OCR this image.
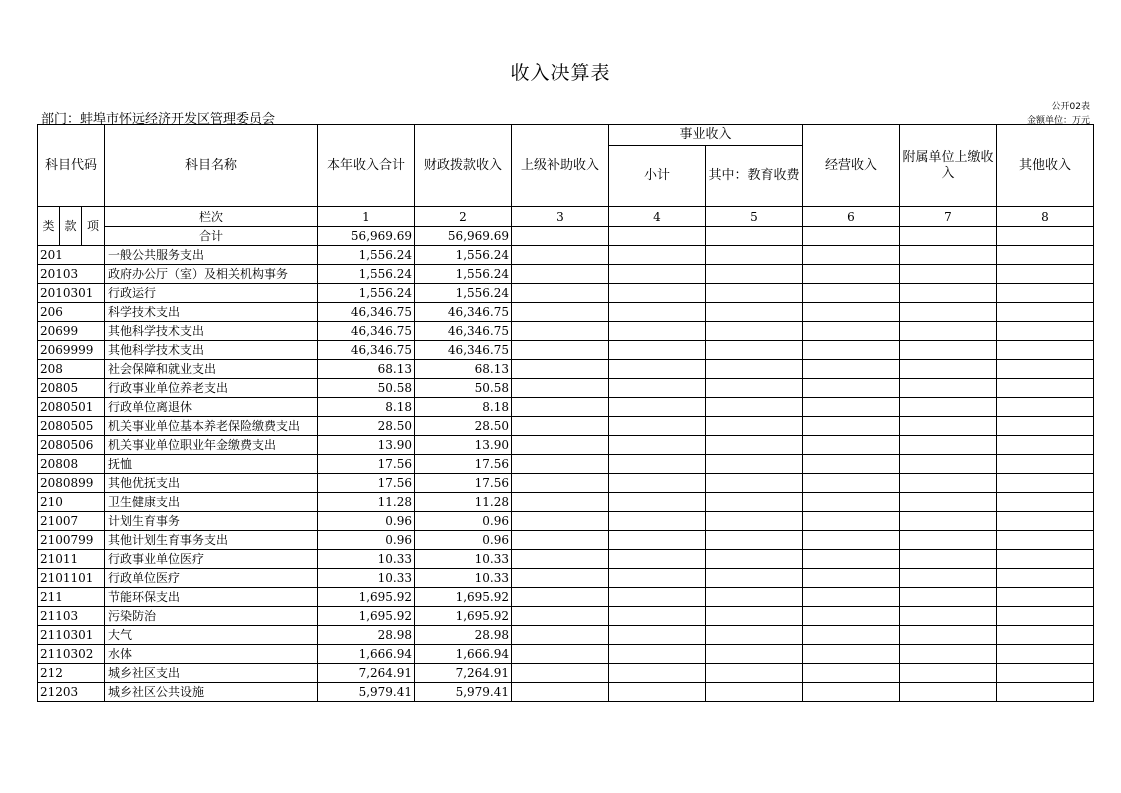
收入决算表
部门：蚌埠市怀远经济开发区管理委员会
公开02表
金额单位：万元
科目代码			科目名称	本年收入合计	财政拨款收入	上级补助收入	事业收入		经营收入	附属单位上缴收入	其他收入
							小计	其中：教育收费			
类	款	项	栏次	1	2	3	4	5	6	7	8
			合计	56,969.69	56,969.69						
201			一般公共服务支出	1,556.24	1,556.24						
20103			政府办公厅（室）及相关机构事务	1,556.24	1,556.24						
2010301			行政运行	1,556.24	1,556.24						
206			科学技术支出	46,346.75	46,346.75						
20699			其他科学技术支出	46,346.75	46,346.75						
2069999			其他科学技术支出	46,346.75	46,346.75						
208			社会保障和就业支出	68.13	68.13						
20805			行政事业单位养老支出	50.58	50.58						
2080501			行政单位离退休	8.18	8.18						
2080505			机关事业单位基本养老保险缴费支出	28.50	28.50						
2080506			机关事业单位职业年金缴费支出	13.90	13.90						
20808			抚恤	17.56	17.56						
2080899			其他优抚支出	17.56	17.56						
210			卫生健康支出	11.28	11.28						
21007			计划生育事务	0.96	0.96						
2100799			其他计划生育事务支出	0.96	0.96						
21011			行政事业单位医疗	10.33	10.33						
2101101			行政单位医疗	10.33	10.33						
211			节能环保支出	1,695.92	1,695.92						
21103			污染防治	1,695.92	1,695.92						
2110301			大气	28.98	28.98						
2110302			水体	1,666.94	1,666.94						
212			城乡社区支出	7,264.91	7,264.91						
21203			城乡社区公共设施	5,979.41	5,979.41						
